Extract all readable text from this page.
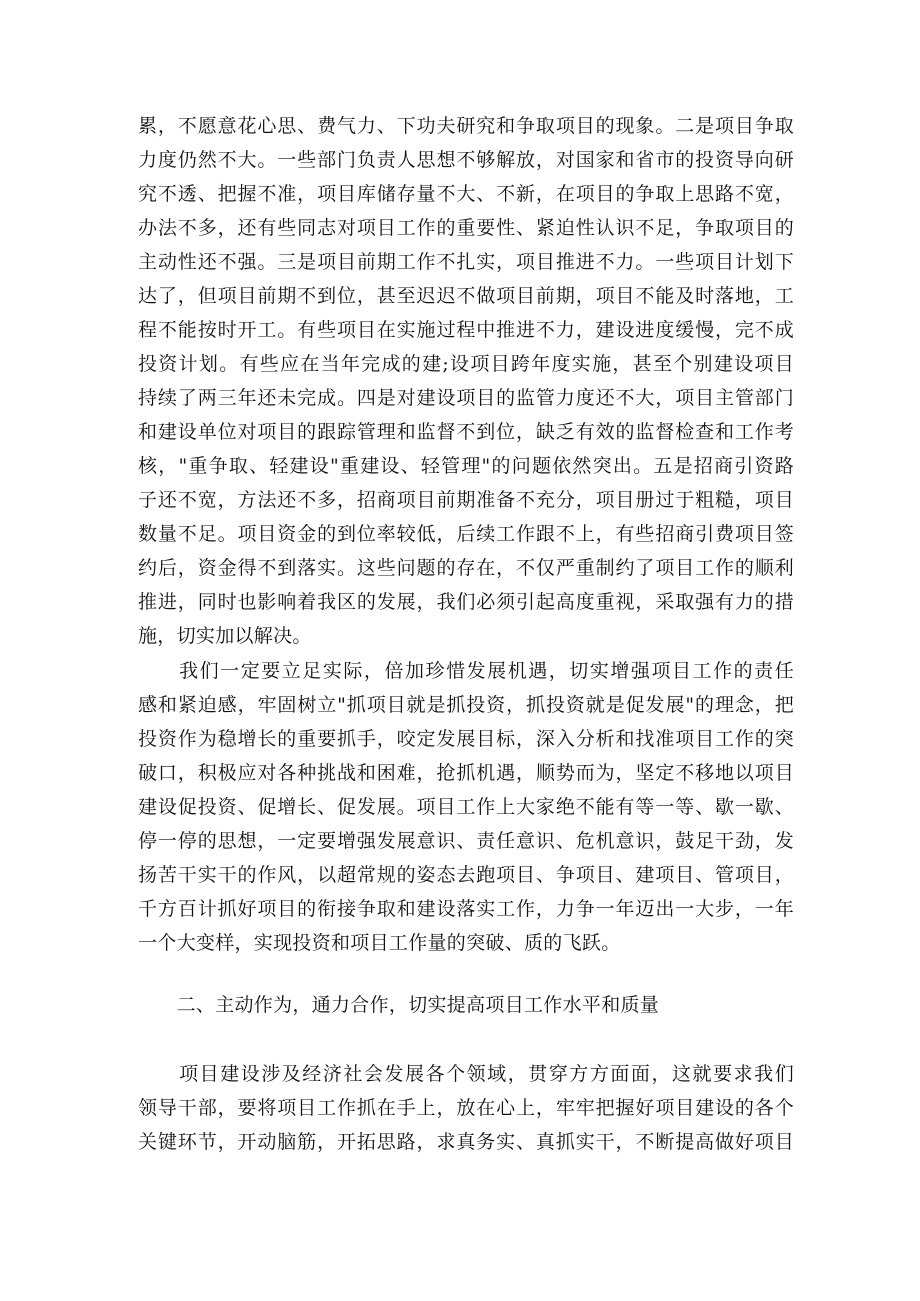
累，不愿意花心思、费气力、下功夫研究和争取项目的现象。二是项目争取
力度仍然不大。一些部门负责人思想不够解放，对国家和省市的投资导向研
究不透、把握不准，项目库储存量不大、不新，在项目的争取上思路不宽，
办法不多，还有些同志对项目工作的重要性、紧迫性认识不足，争取项目的
主动性还不强。三是项目前期工作不扎实，项目推进不力。一些项目计划下
达了，但项目前期不到位，甚至迟迟不做项目前期，项目不能及时落地，工
程不能按时开工。有些项目在实施过程中推进不力，建设进度缓慢，完不成
投资计划。有些应在当年完成的建;设项目跨年度实施，甚至个别建设项目
持续了两三年还未完成。四是对建设项目的监管力度还不大，项目主管部门
和建设单位对项目的跟踪管理和监督不到位，缺乏有效的监督检查和工作考
核，"重争取、轻建设"重建设、轻管理"的问题依然突出。五是招商引资路
子还不宽，方法还不多，招商项目前期准备不充分，项目册过于粗糙，项目
数量不足。项目资金的到位率较低，后续工作跟不上，有些招商引费项目签
约后，资金得不到落实。这些问题的存在，不仅严重制约了项目工作的顺利
推进，同时也影响着我区的发展，我们必须引起高度重视，采取强有力的措
施，切实加以解决。
　　我们一定要立足实际，倍加珍惜发展机遇，切实增强项目工作的责任
感和紧迫感，牢固树立"抓项目就是抓投资，抓投资就是促发展"的理念，把
投资作为稳增长的重要抓手，咬定发展目标，深入分析和找准项目工作的突
破口，积极应对各种挑战和困难，抢抓机遇，顺势而为，坚定不移地以项目
建设促投资、促增长、促发展。项目工作上大家绝不能有等一等、歇一歇、
停一停的思想，一定要增强发展意识、责任意识、危机意识，鼓足干劲，发
扬苦干实干的作风，以超常规的姿态去跑项目、争项目、建项目、管项目，
千方百计抓好项目的衔接争取和建设落实工作，力争一年迈出一大步，一年
一个大变样，实现投资和项目工作量的突破、质的飞跃。
　　二、主动作为，通力合作，切实提高项目工作水平和质量
　　项目建设涉及经济社会发展各个领域，贯穿方方面面，这就要求我们
领导干部，要将项目工作抓在手上，放在心上，牢牢把握好项目建设的各个
关键环节，开动脑筋，开拓思路，求真务实、真抓实干，不断提高做好项目
